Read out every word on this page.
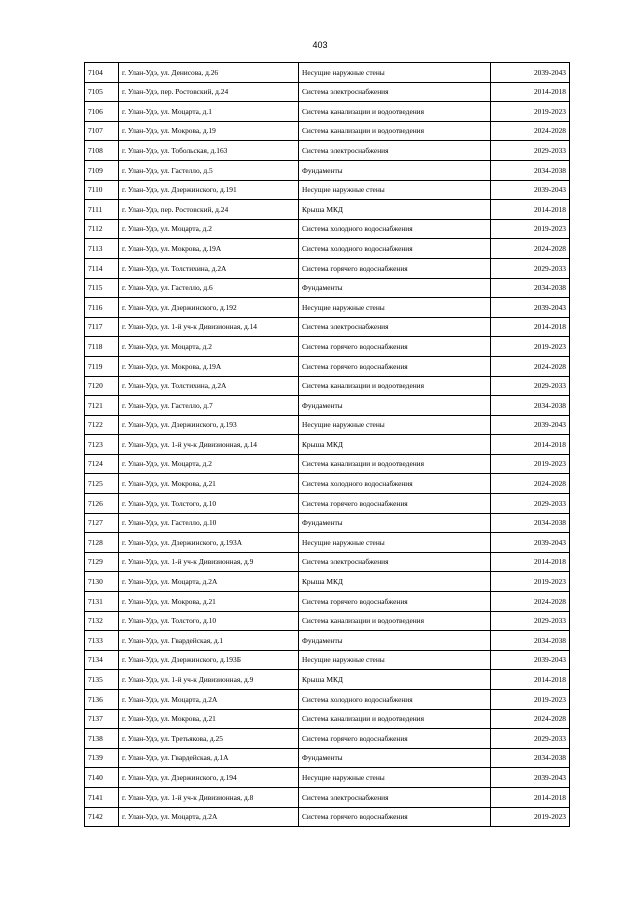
403
7104	г. Улан-Удэ, ул. Денисова, д.26	Несущие наружные стены	2039-2043
7105	г. Улан-Удэ, пер. Ростовский, д.24	Система электроснабжения	2014-2018
7106	г. Улан-Удэ, ул. Моцарта, д.1	Система канализации и водоотведения	2019-2023
7107	г. Улан-Удэ, ул. Мокрова, д.19	Система канализации и водоотведения	2024-2028
7108	г. Улан-Удэ, ул. Тобольская, д.163	Система электроснабжения	2029-2033
7109	г. Улан-Удэ, ул. Гастелло, д.5	Фундаменты	2034-2038
7110	г. Улан-Удэ, ул. Дзержинского, д.191	Несущие наружные стены	2039-2043
7111	г. Улан-Удэ, пер. Ростовский, д.24	Крыша МКД	2014-2018
7112	г. Улан-Удэ, ул. Моцарта, д.2	Система холодного водоснабжения	2019-2023
7113	г. Улан-Удэ, ул. Мокрова, д.19А	Система холодного водоснабжения	2024-2028
7114	г. Улан-Удэ, ул. Толстихина, д.2А	Система горячего водоснабжения	2029-2033
7115	г. Улан-Удэ, ул. Гастелло, д.6	Фундаменты	2034-2038
7116	г. Улан-Удэ, ул. Дзержинского, д.192	Несущие наружные стены	2039-2043
7117	г. Улан-Удэ, ул. 1-й уч-к Дивизионная, д.14	Система электроснабжения	2014-2018
7118	г. Улан-Удэ, ул. Моцарта, д.2	Система горячего водоснабжения	2019-2023
7119	г. Улан-Удэ, ул. Мокрова, д.19А	Система горячего водоснабжения	2024-2028
7120	г. Улан-Удэ, ул. Толстихина, д.2А	Система канализации и водоотведения	2029-2033
7121	г. Улан-Удэ, ул. Гастелло, д.7	Фундаменты	2034-2038
7122	г. Улан-Удэ, ул. Дзержинского, д.193	Несущие наружные стены	2039-2043
7123	г. Улан-Удэ, ул. 1-й уч-к Дивизионная, д.14	Крыша МКД	2014-2018
7124	г. Улан-Удэ, ул. Моцарта, д.2	Система канализации и водоотведения	2019-2023
7125	г. Улан-Удэ, ул. Мокрова, д.21	Система холодного водоснабжения	2024-2028
7126	г. Улан-Удэ, ул. Толстого, д.10	Система горячего водоснабжения	2029-2033
7127	г. Улан-Удэ, ул. Гастелло, д.10	Фундаменты	2034-2038
7128	г. Улан-Удэ, ул. Дзержинского, д.193А	Несущие наружные стены	2039-2043
7129	г. Улан-Удэ, ул. 1-й уч-к Дивизионная, д.9	Система электроснабжения	2014-2018
7130	г. Улан-Удэ, ул. Моцарта, д.2А	Крыша МКД	2019-2023
7131	г. Улан-Удэ, ул. Мокрова, д.21	Система горячего водоснабжения	2024-2028
7132	г. Улан-Удэ, ул. Толстого, д.10	Система канализации и водоотведения	2029-2033
7133	г. Улан-Удэ, ул. Гвардейская, д.1	Фундаменты	2034-2038
7134	г. Улан-Удэ, ул. Дзержинского, д.193Б	Несущие наружные стены	2039-2043
7135	г. Улан-Удэ, ул. 1-й уч-к Дивизионная, д.9	Крыша МКД	2014-2018
7136	г. Улан-Удэ, ул. Моцарта, д.2А	Система холодного водоснабжения	2019-2023
7137	г. Улан-Удэ, ул. Мокрова, д.21	Система канализации и водоотведения	2024-2028
7138	г. Улан-Удэ, ул. Третьякова, д.25	Система горячего водоснабжения	2029-2033
7139	г. Улан-Удэ, ул. Гвардейская, д.1А	Фундаменты	2034-2038
7140	г. Улан-Удэ, ул. Дзержинского, д.194	Несущие наружные стены	2039-2043
7141	г. Улан-Удэ, ул. 1-й уч-к Дивизионная, д.8	Система электроснабжения	2014-2018
7142	г. Улан-Удэ, ул. Моцарта, д.2А	Система горячего водоснабжения	2019-2023
